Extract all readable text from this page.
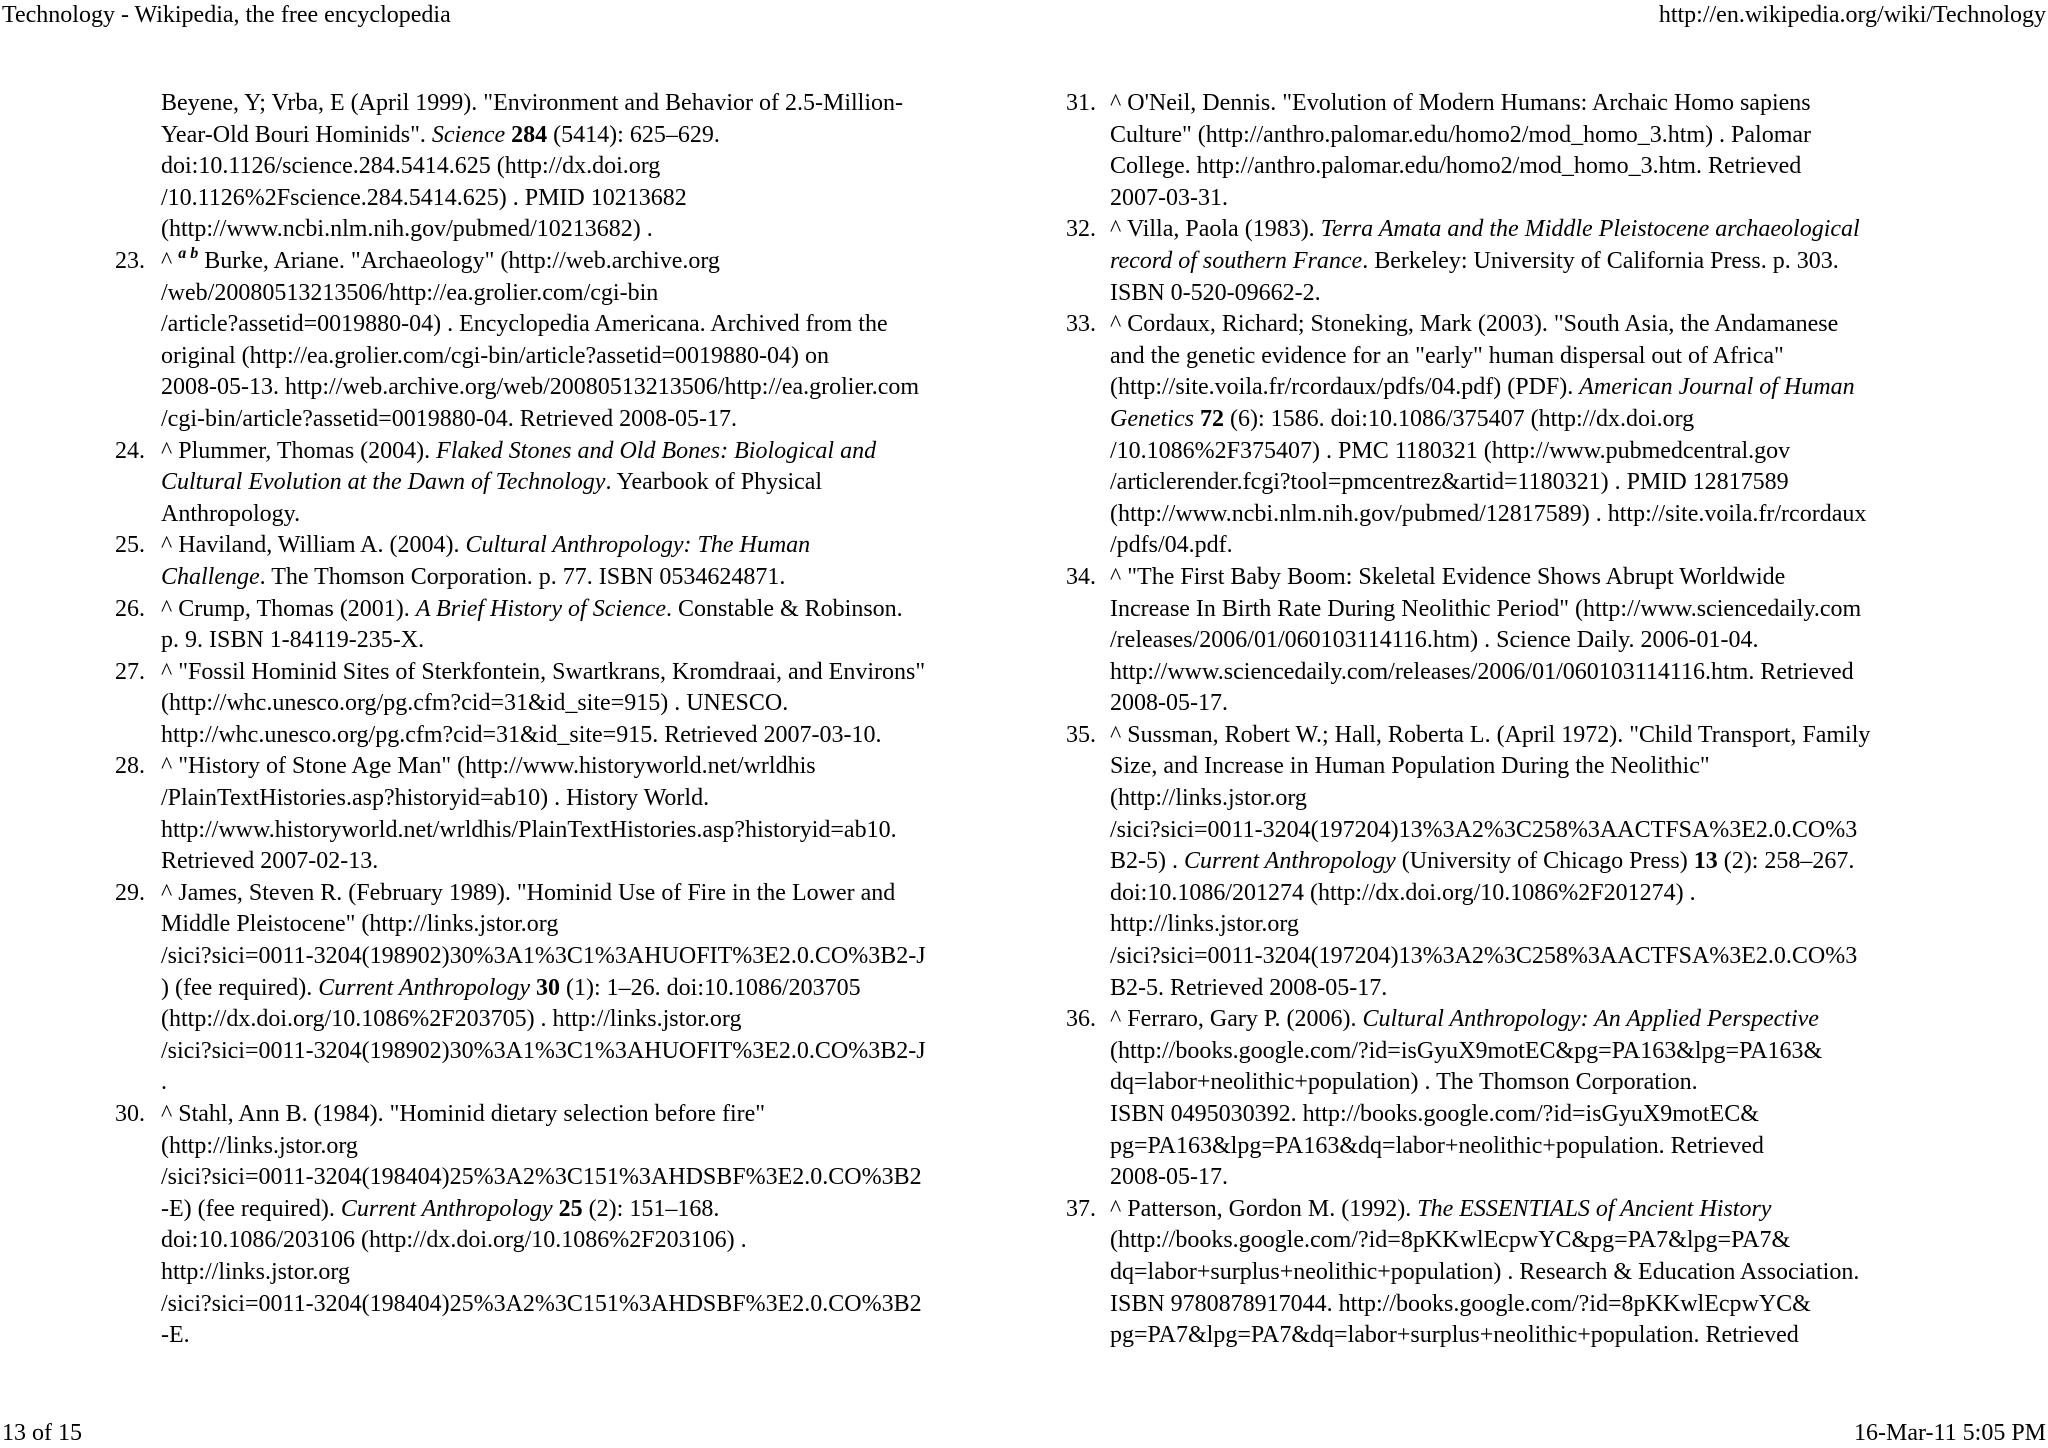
Technology - Wikipedia, the free encyclopedia	http://en.wikipedia.org/wiki/Technology
Beyene, Y; Vrba, E (April 1999). "Environment and Behavior of 2.5-Million-
Year-Old Bouri Hominids". Science 284 (5414): 625–629.
doi:10.1126/science.284.5414.625 (http://dx.doi.org
/10.1126%2Fscience.284.5414.625) . PMID 10213682
(http://www.ncbi.nlm.nih.gov/pubmed/10213682) .
23. ^ $^{a b}$ Burke, Ariane. "Archaeology" (http://web.archive.org
/web/20080513213506/http://ea.grolier.com/cgi-bin
/article?assetid=0019880-04) . Encyclopedia Americana. Archived from the
original (http://ea.grolier.com/cgi-bin/article?assetid=0019880-04) on
2008-05-13. http://web.archive.org/web/20080513213506/http://ea.grolier.com
/cgi-bin/article?assetid=0019880-04. Retrieved 2008-05-17.
24. ^ Plummer, Thomas (2004). Flaked Stones and Old Bones: Biological and
Cultural Evolution at the Dawn of Technology. Yearbook of Physical
Anthropology.
25. ^ Haviland, William A. (2004). Cultural Anthropology: The Human
Challenge. The Thomson Corporation. p. 77. ISBN 0534624871.
26. ^ Crump, Thomas (2001). A Brief History of Science. Constable & Robinson.
p. 9. ISBN 1-84119-235-X.
27. ^ "Fossil Hominid Sites of Sterkfontein, Swartkrans, Kromdraai, and Environs"
(http://whc.unesco.org/pg.cfm?cid=31&id_site=915) . UNESCO.
http://whc.unesco.org/pg.cfm?cid=31&id_site=915. Retrieved 2007-03-10.
28. ^ "History of Stone Age Man" (http://www.historyworld.net/wrldhis
/PlainTextHistories.asp?historyid=ab10) . History World.
http://www.historyworld.net/wrldhis/PlainTextHistories.asp?historyid=ab10.
Retrieved 2007-02-13.
29. ^ James, Steven R. (February 1989). "Hominid Use of Fire in the Lower and
Middle Pleistocene" (http://links.jstor.org
/sici?sici=0011-3204(198902)30%3A1%3C1%3AHUOFIT%3E2.0.CO%3B2-J
) (fee required). Current Anthropology 30 (1): 1–26. doi:10.1086/203705
(http://dx.doi.org/10.1086%2F203705) . http://links.jstor.org
/sici?sici=0011-3204(198902)30%3A1%3C1%3AHUOFIT%3E2.0.CO%3B2-J
.
30. ^ Stahl, Ann B. (1984). "Hominid dietary selection before fire"
(http://links.jstor.org
/sici?sici=0011-3204(198404)25%3A2%3C151%3AHDSBF%3E2.0.CO%3B2
-E) (fee required). Current Anthropology 25 (2): 151–168.
doi:10.1086/203106 (http://dx.doi.org/10.1086%2F203106) .
http://links.jstor.org
/sici?sici=0011-3204(198404)25%3A2%3C151%3AHDSBF%3E2.0.CO%3B2
-E.
31. ^ O'Neil, Dennis. "Evolution of Modern Humans: Archaic Homo sapiens
Culture" (http://anthro.palomar.edu/homo2/mod_homo_3.htm) . Palomar
College. http://anthro.palomar.edu/homo2/mod_homo_3.htm. Retrieved
2007-03-31.
32. ^ Villa, Paola (1983). Terra Amata and the Middle Pleistocene archaeological
record of southern France. Berkeley: University of California Press. p. 303.
ISBN 0-520-09662-2.
33. ^ Cordaux, Richard; Stoneking, Mark (2003). "South Asia, the Andamanese
and the genetic evidence for an "early" human dispersal out of Africa"
(http://site.voila.fr/rcordaux/pdfs/04.pdf) (PDF). American Journal of Human
Genetics 72 (6): 1586. doi:10.1086/375407 (http://dx.doi.org
/10.1086%2F375407) . PMC 1180321 (http://www.pubmedcentral.gov
/articlerender.fcgi?tool=pmcentrez&artid=1180321) . PMID 12817589
(http://www.ncbi.nlm.nih.gov/pubmed/12817589) . http://site.voila.fr/rcordaux
/pdfs/04.pdf.
34. ^ "The First Baby Boom: Skeletal Evidence Shows Abrupt Worldwide
Increase In Birth Rate During Neolithic Period" (http://www.sciencedaily.com
/releases/2006/01/060103114116.htm) . Science Daily. 2006-01-04.
http://www.sciencedaily.com/releases/2006/01/060103114116.htm. Retrieved
2008-05-17.
35. ^ Sussman, Robert W.; Hall, Roberta L. (April 1972). "Child Transport, Family
Size, and Increase in Human Population During the Neolithic"
(http://links.jstor.org
/sici?sici=0011-3204(197204)13%3A2%3C258%3AACTFSA%3E2.0.CO%3
B2-5) . Current Anthropology (University of Chicago Press) 13 (2): 258–267.
doi:10.1086/201274 (http://dx.doi.org/10.1086%2F201274) .
http://links.jstor.org
/sici?sici=0011-3204(197204)13%3A2%3C258%3AACTFSA%3E2.0.CO%3
B2-5. Retrieved 2008-05-17.
36. ^ Ferraro, Gary P. (2006). Cultural Anthropology: An Applied Perspective
(http://books.google.com/?id=isGyuX9motEC&pg=PA163&lpg=PA163&
dq=labor+neolithic+population) . The Thomson Corporation.
ISBN 0495030392. http://books.google.com/?id=isGyuX9motEC&
pg=PA163&lpg=PA163&dq=labor+neolithic+population. Retrieved
2008-05-17.
37. ^ Patterson, Gordon M. (1992). The ESSENTIALS of Ancient History
(http://books.google.com/?id=8pKKwlEcpwYC&pg=PA7&lpg=PA7&
dq=labor+surplus+neolithic+population) . Research & Education Association.
ISBN 9780878917044. http://books.google.com/?id=8pKKwlEcpwYC&
pg=PA7&lpg=PA7&dq=labor+surplus+neolithic+population. Retrieved
13 of 15	16-Mar-11 5:05 PM
